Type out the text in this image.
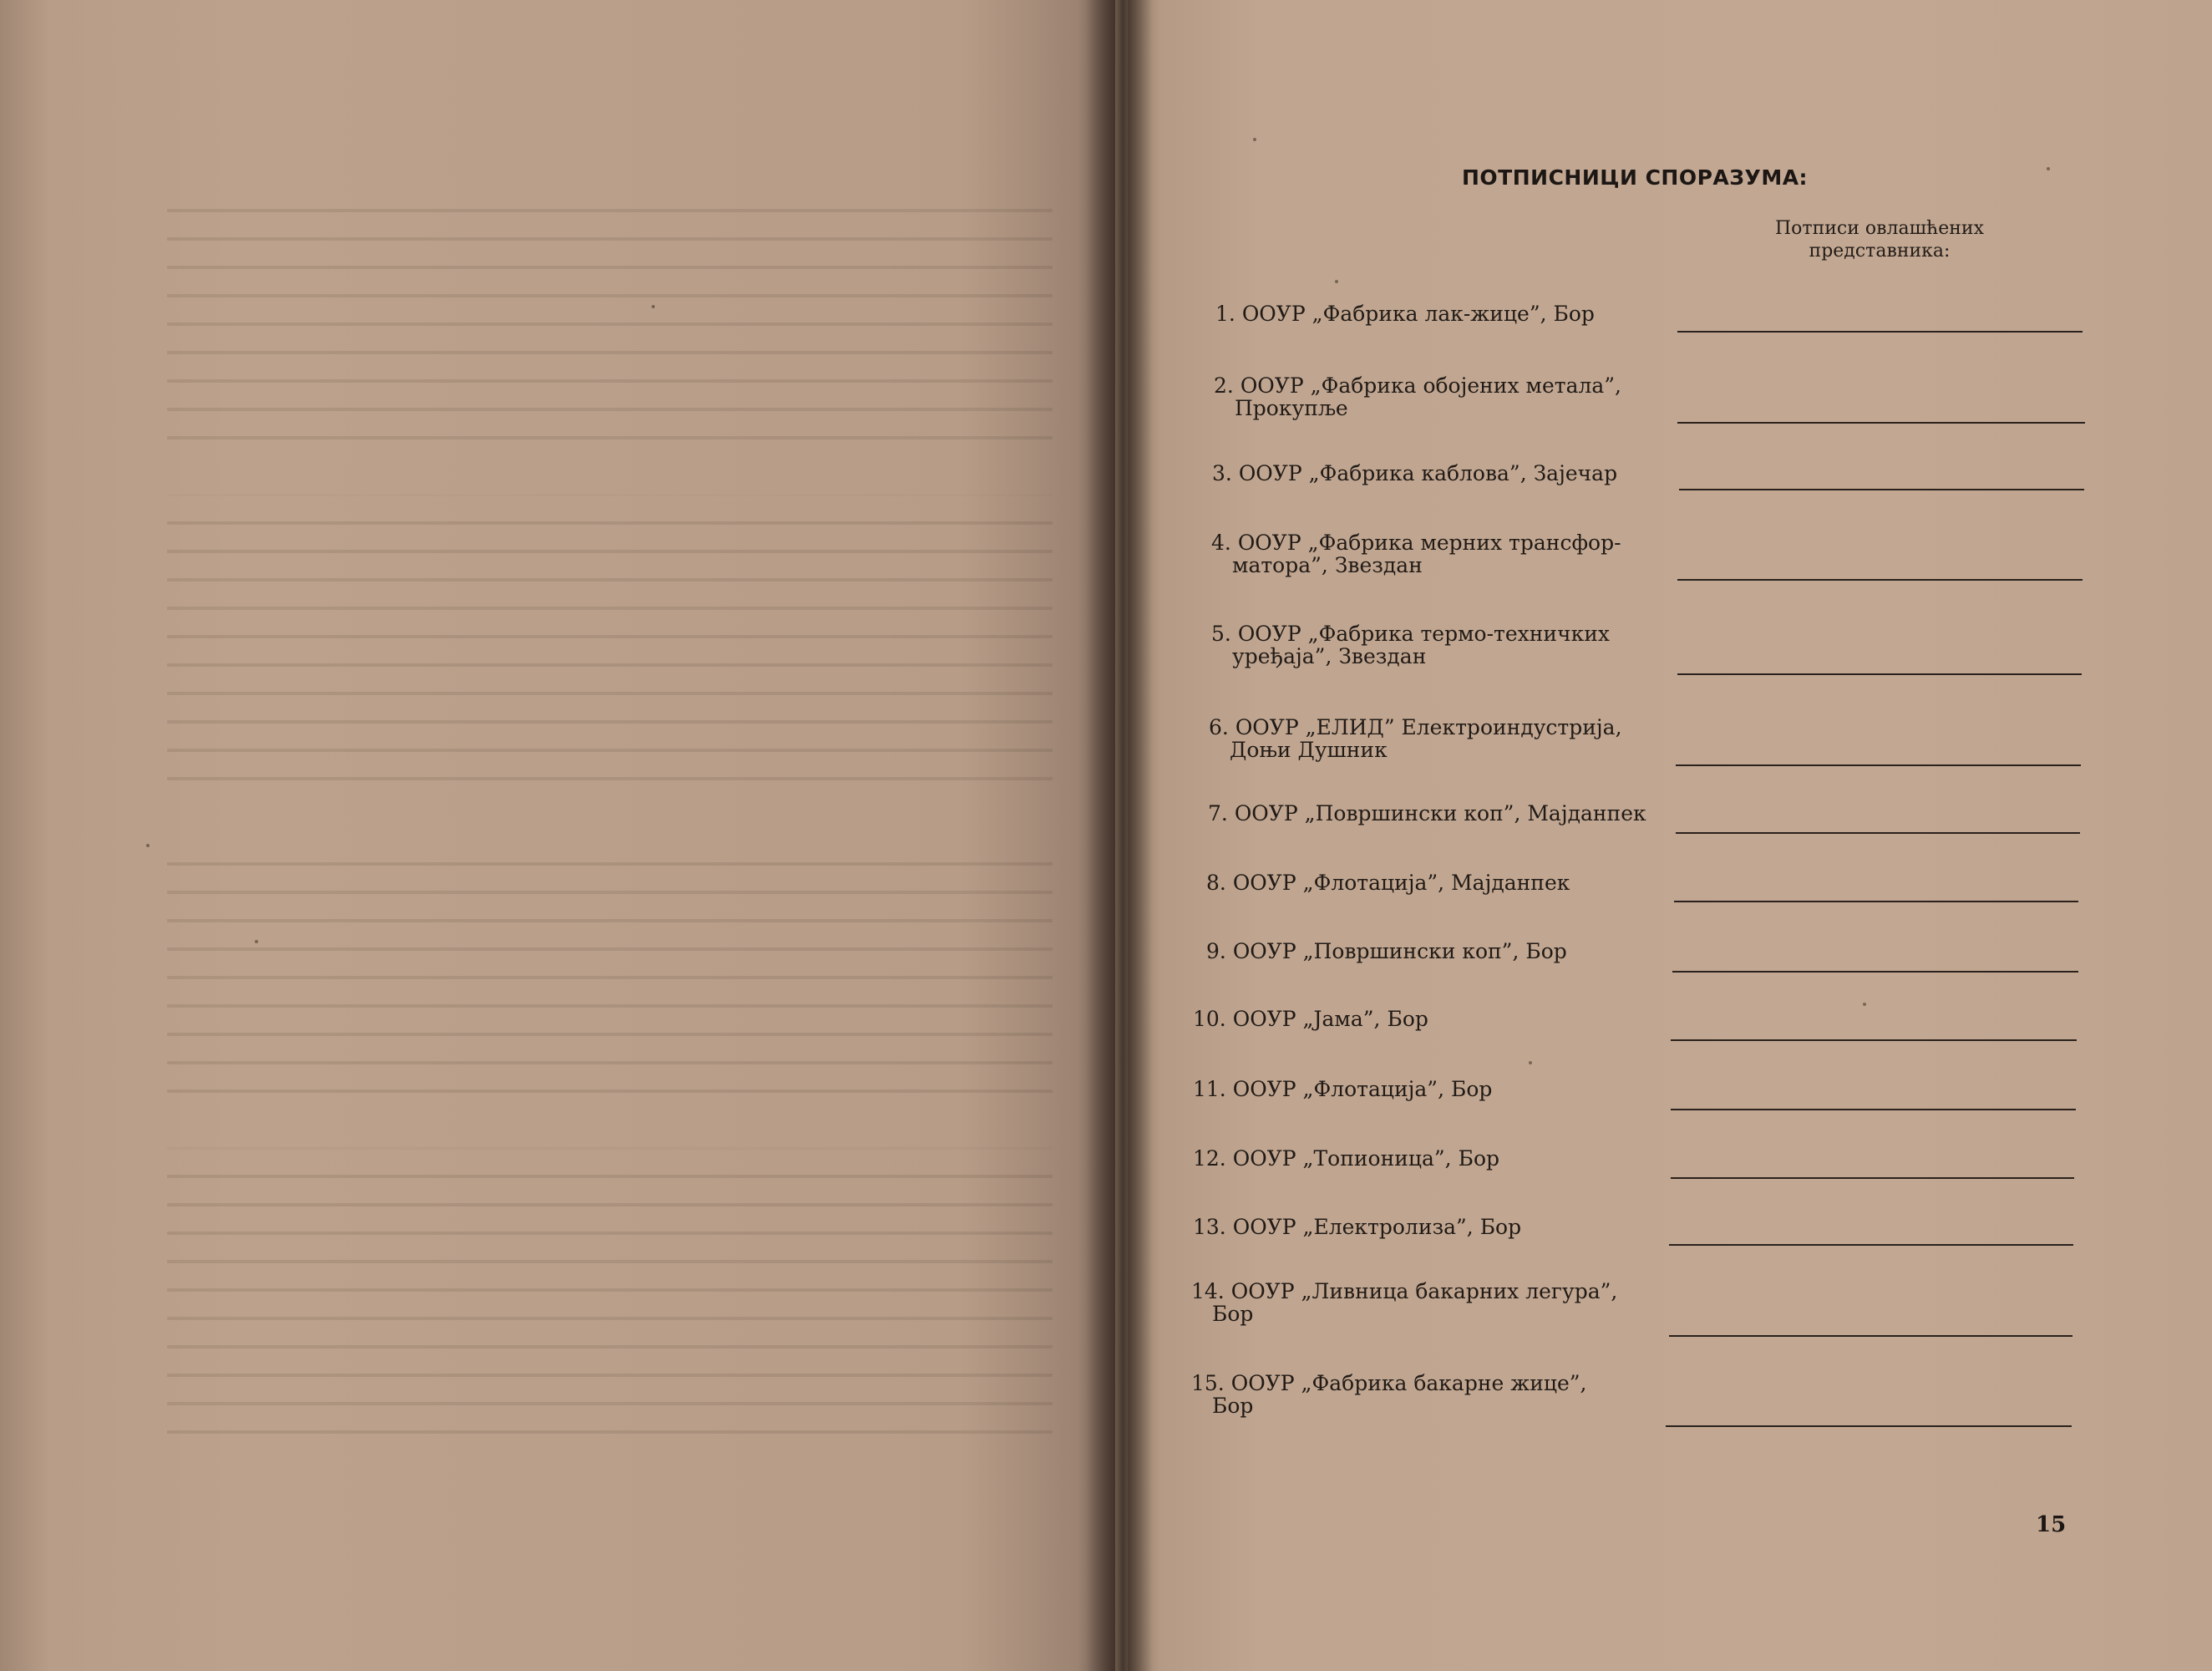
ПОТПИСНИЦИ СПОРАЗУМА:
Потписи овлашћених
представника:
1. ООУР „Фабрика лак-жице”, Бор
2. ООУР „Фабрика обојених метала”,
Прокупље
3. ООУР „Фабрика каблова”, Зајечар
4. ООУР „Фабрика мерних трансфор-
матора”, Звездан
5. ООУР „Фабрика термо-техничких
уређаја”, Звездан
6. ООУР „ЕЛИД” Електроиндустрија,
Доњи Душник
7. ООУР „Површински коп”, Мајданпек
8. ООУР „Флотација”, Мајданпек
9. ООУР „Површински коп”, Бор
10. ООУР „Јама”, Бор
11. ООУР „Флотација”, Бор
12. ООУР „Топионица”, Бор
13. ООУР „Електролиза”, Бор
14. ООУР „Ливница бакарних легура”,
Бор
15. ООУР „Фабрика бакарне жице”,
Бор
15
